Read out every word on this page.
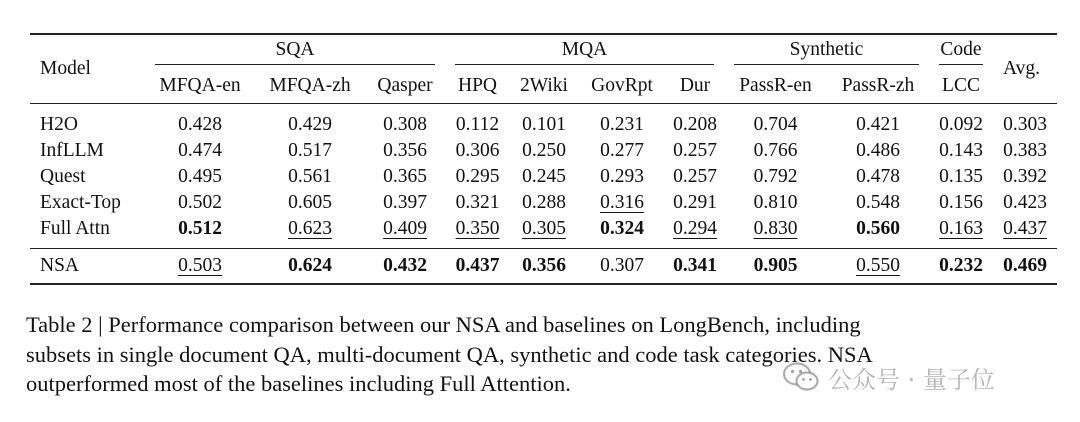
Model	SQA			MQA				Synthetic		Code	Avg.
	MFQA-en	MFQA-zh	Qasper	HPQ	2Wiki	GovRpt	Dur	PassR-en	PassR-zh	LCC	
H2O	0.428	0.429	0.308	0.112	0.101	0.231	0.208	0.704	0.421	0.092	0.303
InfLLM	0.474	0.517	0.356	0.306	0.250	0.277	0.257	0.766	0.486	0.143	0.383
Quest	0.495	0.561	0.365	0.295	0.245	0.293	0.257	0.792	0.478	0.135	0.392
Exact-Top	0.502	0.605	0.397	0.321	0.288	0.316	0.291	0.810	0.548	0.156	0.423
Full Attn	0.512	0.623	0.409	0.350	0.305	0.324	0.294	0.830	0.560	0.163	0.437
NSA	0.503	0.624	0.432	0.437	0.356	0.307	0.341	0.905	0.550	0.232	0.469
Table 2 | Performance comparison between our NSA and baselines on LongBench, including
subsets in single document QA, multi-document QA, synthetic and code task categories. NSA
outperformed most of the baselines including Full Attention.	公众号 · 量子位
